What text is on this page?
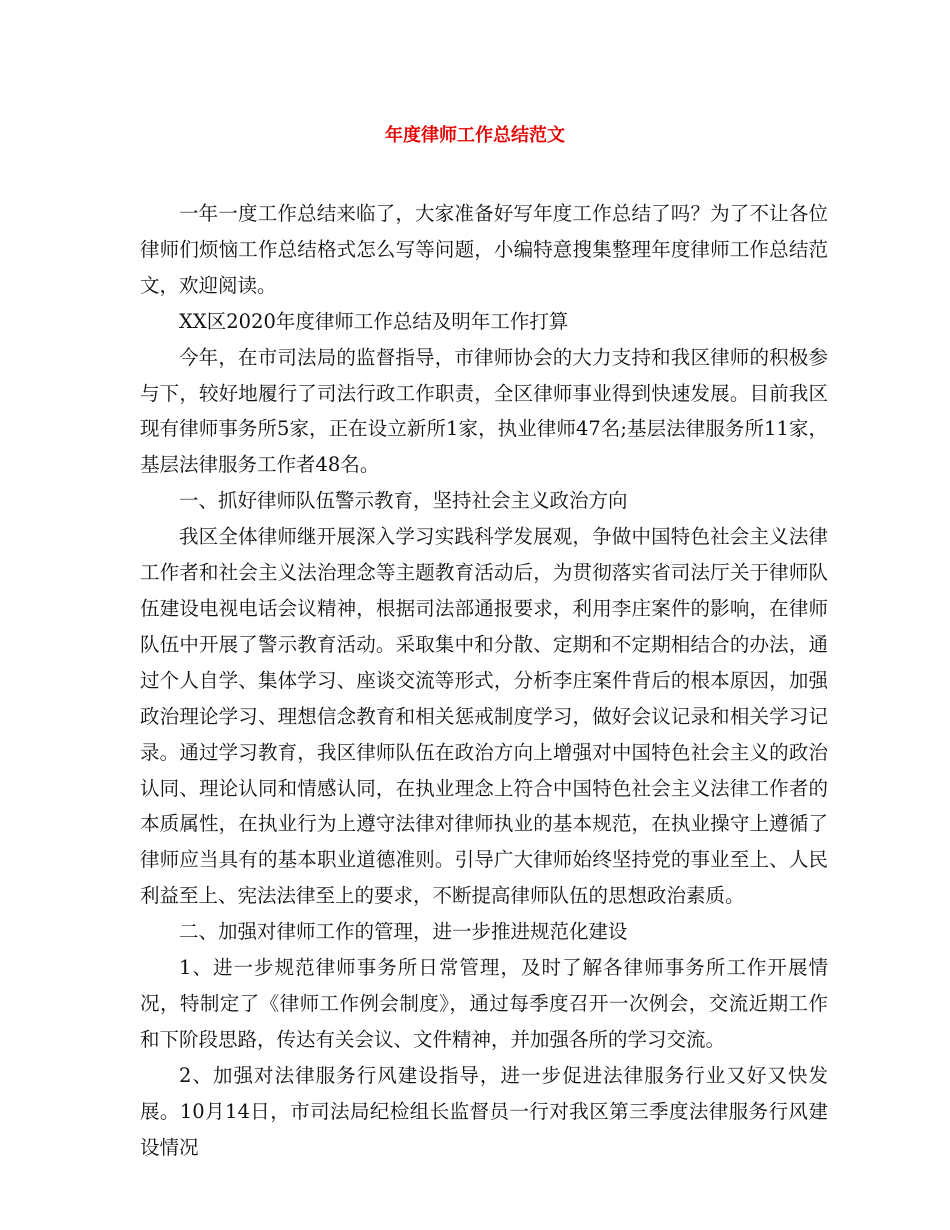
年度律师工作总结范文

一年一度工作总结来临了，大家准备好写年度工作总结了吗？为了不让各位律师们烦恼工作总结格式怎么写等问题，小编特意搜集整理年度律师工作总结范文，欢迎阅读。

XX区2020年度律师工作总结及明年工作打算

今年，在市司法局的监督指导，市律师协会的大力支持和我区律师的积极参与下，较好地履行了司法行政工作职责，全区律师事业得到快速发展。目前我区现有律师事务所5家，正在设立新所1家，执业律师47名;基层法律服务所11家，基层法律服务工作者48名。

一、抓好律师队伍警示教育，坚持社会主义政治方向

我区全体律师继开展深入学习实践科学发展观，争做中国特色社会主义法律工作者和社会主义法治理念等主题教育活动后，为贯彻落实省司法厅关于律师队伍建设电视电话会议精神，根据司法部通报要求，利用李庄案件的影响，在律师队伍中开展了警示教育活动。采取集中和分散、定期和不定期相结合的办法，通过个人自学、集体学习、座谈交流等形式，分析李庄案件背后的根本原因，加强政治理论学习、理想信念教育和相关惩戒制度学习，做好会议记录和相关学习记录。通过学习教育，我区律师队伍在政治方向上增强对中国特色社会主义的政治认同、理论认同和情感认同，在执业理念上符合中国特色社会主义法律工作者的本质属性，在执业行为上遵守法律对律师执业的基本规范，在执业操守上遵循了律师应当具有的基本职业道德准则。引导广大律师始终坚持党的事业至上、人民利益至上、宪法法律至上的要求，不断提高律师队伍的思想政治素质。

二、加强对律师工作的管理，进一步推进规范化建设

1、进一步规范律师事务所日常管理，及时了解各律师事务所工作开展情况，特制定了《律师工作例会制度》，通过每季度召开一次例会，交流近期工作和下阶段思路，传达有关会议、文件精神，并加强各所的学习交流。

2、加强对法律服务行风建设指导，进一步促进法律服务行业又好又快发展。10月14日，市司法局纪检组长监督员一行对我区第三季度法律服务行风建设情况
